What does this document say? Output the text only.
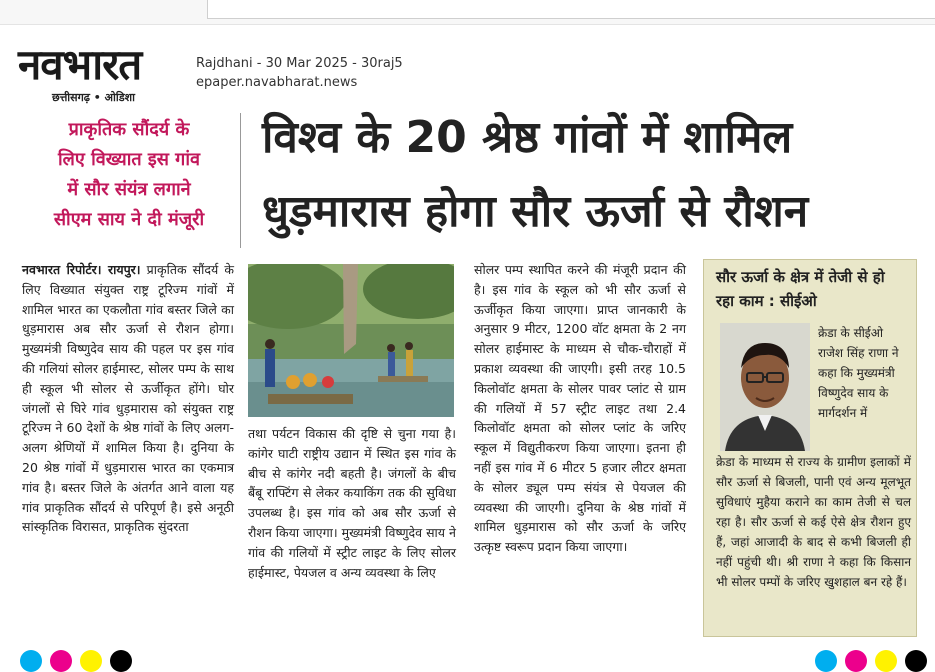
नवभारत
छत्तीसगढ़ • ओडिशा
Rajdhani - 30 Mar 2025 - 30raj5
epaper.navabharat.news
प्राकृतिक सौंदर्य के
लिए विख्यात इस गांव
में सौर संयंत्र लगाने
सीएम साय ने दी मंजूरी
विश्व के 20 श्रेष्ठ गांवों में शामिल
धुड़मारास होगा सौर ऊर्जा से रौशन
नवभारत रिपोर्टर। रायपुर। प्राकृतिक सौंदर्य के लिए विख्यात संयुक्त राष्ट्र टूरिज्म गांवों में शामिल भारत का एकलौता गांव बस्तर जिले का धुड़मारास अब सौर ऊर्जा से रौशन होगा। मुख्यमंत्री विष्णुदेव साय की पहल पर इस गांव की गलियां सोलर हाईमास्ट, सोलर पम्प के साथ ही स्कूल भी सोलर से ऊर्जीकृत होंगे। घोर जंगलों से घिरे गांव धुड़मारास को संयुक्त राष्ट्र टूरिज्म ने 60 देशों के श्रेष्ठ गांवों के लिए अलग-अलग श्रेणियों में शामिल किया है। दुनिया के 20 श्रेष्ठ गांवों में धुड़मारास भारत का एकमात्र गांव है। बस्तर जिले के अंतर्गत आने वाला यह गांव प्राकृतिक सौंदर्य से परिपूर्ण है। इसे अनूठी सांस्कृतिक विरासत, प्राकृतिक सुंदरता
तथा पर्यटन विकास की दृष्टि से चुना गया है। कांगेर घाटी राष्ट्रीय उद्यान में स्थित इस गांव के बीच से कांगेर नदी बहती है। जंगलों के बीच बैंबू राफ्टिंग से लेकर कयाकिंग तक की सुविधा उपलब्ध है। इस गांव को अब सौर ऊर्जा से रौशन किया जाएगा। मुख्यमंत्री विष्णुदेव साय ने गांव की गलियों में स्ट्रीट लाइट के लिए सोलर हाईमास्ट, पेयजल व अन्य व्यवस्था के लिए
सोलर पम्प स्थापित करने की मंजूरी प्रदान की है। इस गांव के स्कूल को भी सौर ऊर्जा से ऊर्जीकृत किया जाएगा। प्राप्त जानकारी के अनुसार 9 मीटर, 1200 वॉट क्षमता के 2 नग सोलर हाईमास्ट के माध्यम से चौक-चौराहों में प्रकाश व्यवस्था की जाएगी। इसी तरह 10.5 किलोवॉट क्षमता के सोलर पावर प्लांट से ग्राम की गलियों में 57 स्ट्रीट लाइट तथा 2.4 किलोवॉट क्षमता को सोलर प्लांट के जरिए स्कूल में विद्युतीकरण किया जाएगा। इतना ही नहीं इस गांव में 6 मीटर 5 हजार लीटर क्षमता के सोलर ड्यूल पम्प संयंत्र से पेयजल की व्यवस्था की जाएगी। दुनिया के श्रेष्ठ गांवों में शामिल धुड़मारास को सौर ऊर्जा के जरिए उत्कृष्ट स्वरूप प्रदान किया जाएगा।
सौर ऊर्जा के क्षेत्र में तेजी से हो रहा काम : सीईओ
क्रेडा के सीईओ राजेश सिंह राणा ने कहा कि मुख्यमंत्री विष्णुदेव साय के मार्गदर्शन में
क्रेडा के माध्यम से राज्य के ग्रामीण इलाकों में सौर ऊर्जा से बिजली, पानी एवं अन्य मूलभूत सुविधाएं मुहैया कराने का काम तेजी से चल रहा है। सौर ऊर्जा से कई ऐसे क्षेत्र रौशन हुए हैं, जहां आजादी के बाद से कभी बिजली ही नहीं पहुंची थी। श्री राणा ने कहा कि किसान भी सोलर पम्पों के जरिए खुशहाल बन रहे हैं।
